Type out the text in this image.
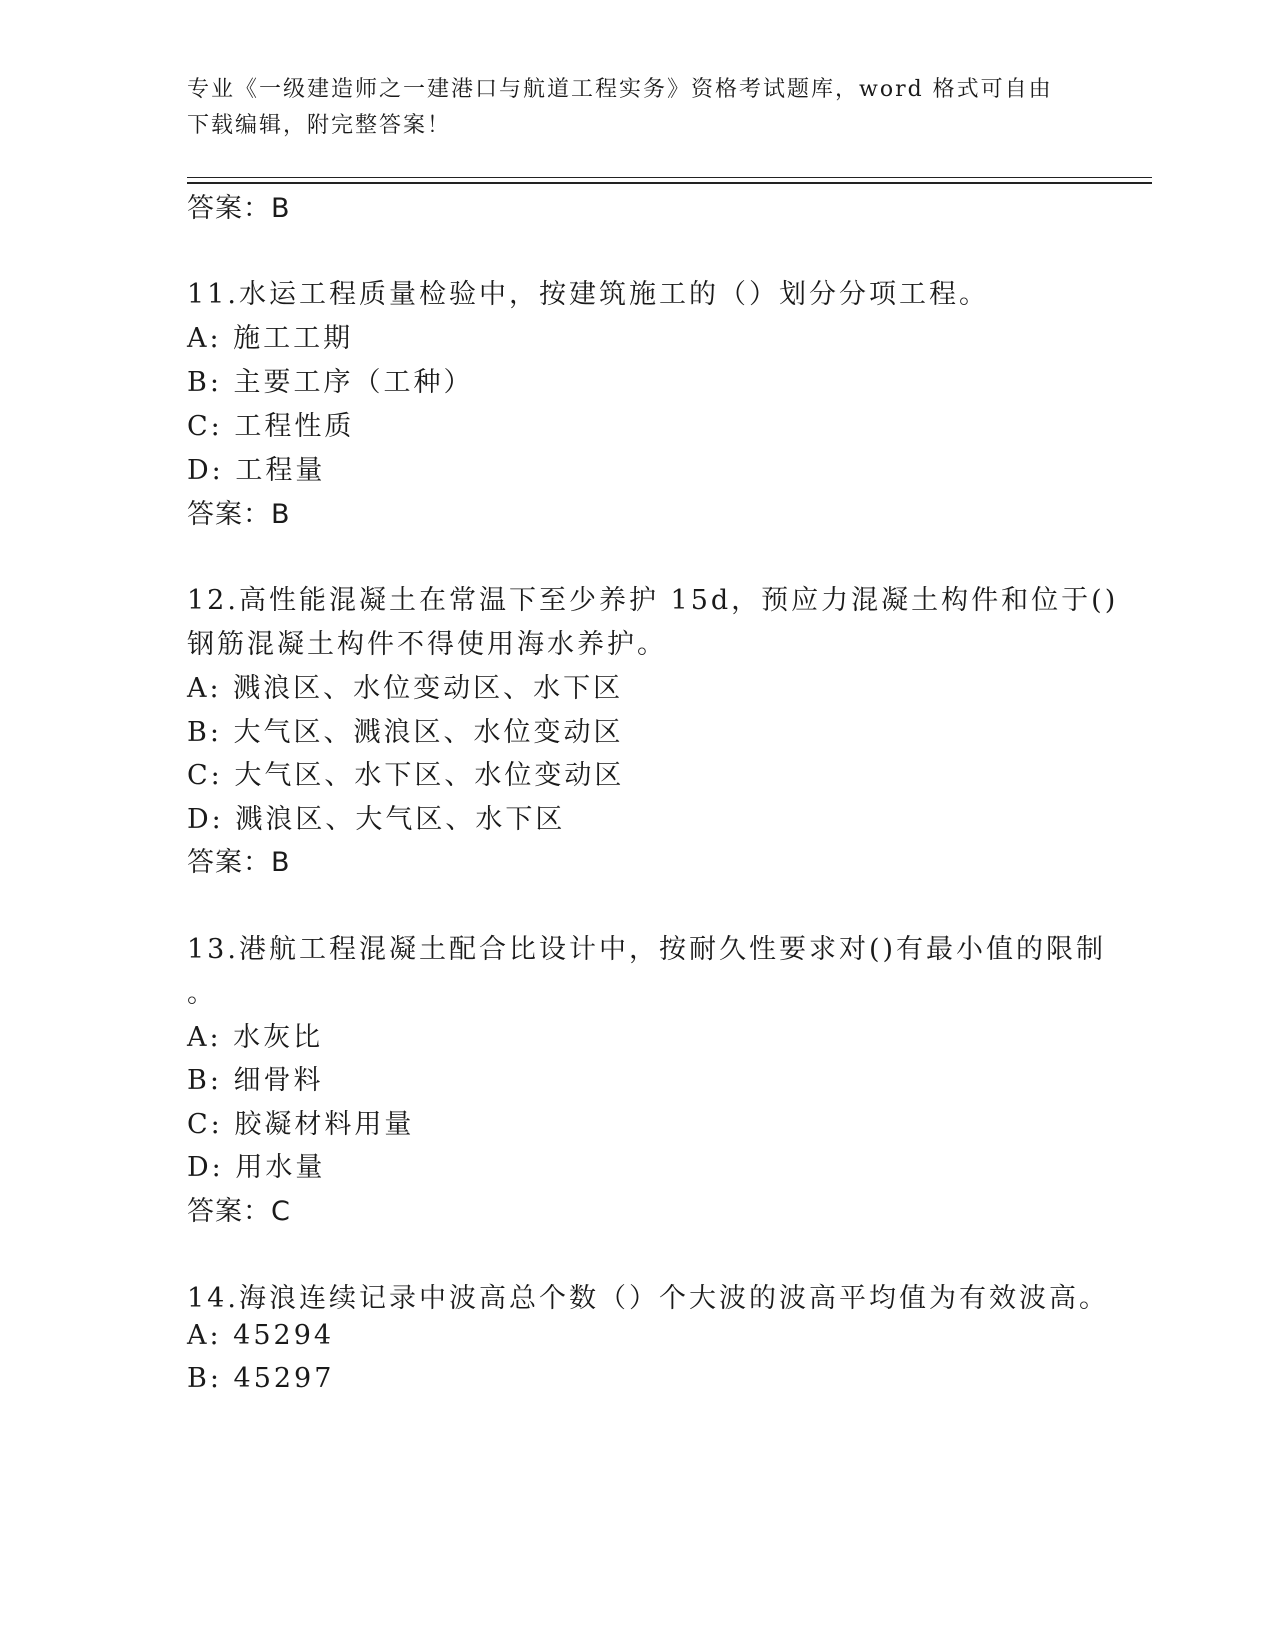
专业《一级建造师之一建港口与航道工程实务》资格考试题库，word 格式可自由
下载编辑，附完整答案！
答案：B
11.水运工程质量检验中，按建筑施工的（）划分分项工程。
A: 施工工期
B: 主要工序（工种）
C: 工程性质
D: 工程量
答案：B
12.高性能混凝土在常温下至少养护 15d，预应力混凝土构件和位于()
钢筋混凝土构件不得使用海水养护。
A: 溅浪区、水位变动区、水下区
B: 大气区、溅浪区、水位变动区
C: 大气区、水下区、水位变动区
D: 溅浪区、大气区、水下区
答案：B
13.港航工程混凝土配合比设计中，按耐久性要求对()有最小值的限制
。
A: 水灰比
B: 细骨料
C: 胶凝材料用量
D: 用水量
答案：C
14.海浪连续记录中波高总个数（）个大波的波高平均值为有效波高。
A: 45294
B: 45297
